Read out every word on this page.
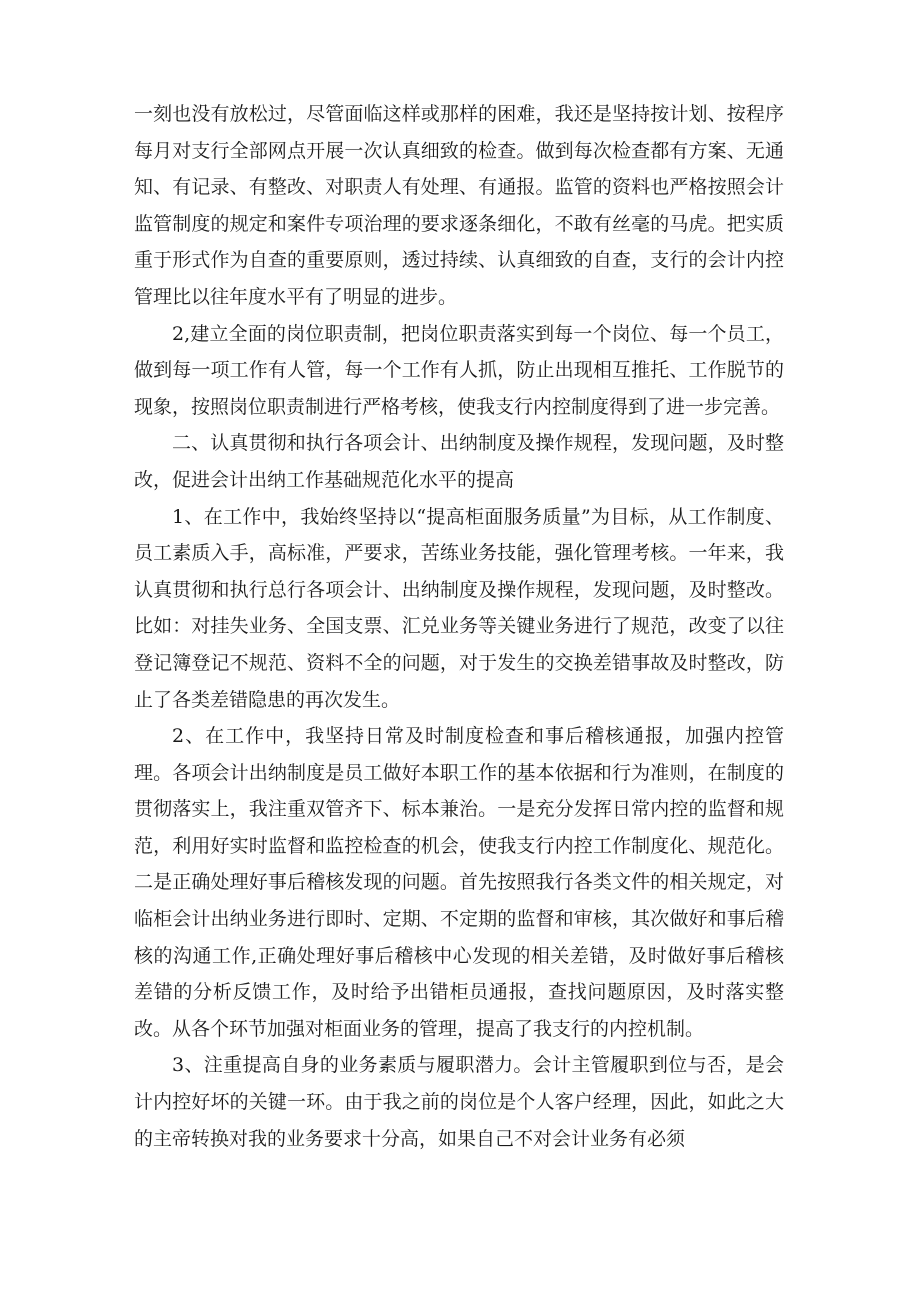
一刻也没有放松过，尽管面临这样或那样的困难，我还是坚持按计划、按程序每月对支行全部网点开展一次认真细致的检查。做到每次检查都有方案、无通知、有记录、有整改、对职责人有处理、有通报。监管的资料也严格按照会计监管制度的规定和案件专项治理的要求逐条细化，不敢有丝毫的马虎。把实质重于形式作为自查的重要原则，透过持续、认真细致的自查，支行的会计内控管理比以往年度水平有了明显的进步。

2,建立全面的岗位职责制，把岗位职责落实到每一个岗位、每一个员工，做到每一项工作有人管，每一个工作有人抓，防止出现相互推托、工作脱节的现象，按照岗位职责制进行严格考核，使我支行内控制度得到了进一步完善。

二、认真贯彻和执行各项会计、出纳制度及操作规程，发现问题，及时整改，促进会计出纳工作基础规范化水平的提高

1、在工作中，我始终坚持以“提高柜面服务质量”为目标，从工作制度、员工素质入手，高标准，严要求，苦练业务技能，强化管理考核。一年来，我认真贯彻和执行总行各项会计、出纳制度及操作规程，发现问题，及时整改。比如：对挂失业务、全国支票、汇兑业务等关键业务进行了规范，改变了以往登记簿登记不规范、资料不全的问题，对于发生的交换差错事故及时整改，防止了各类差错隐患的再次发生。

2、在工作中，我坚持日常及时制度检查和事后稽核通报，加强内控管理。各项会计出纳制度是员工做好本职工作的基本依据和行为准则，在制度的贯彻落实上，我注重双管齐下、标本兼治。一是充分发挥日常内控的监督和规范，利用好实时监督和监控检查的机会，使我支行内控工作制度化、规范化。二是正确处理好事后稽核发现的问题。首先按照我行各类文件的相关规定，对临柜会计出纳业务进行即时、定期、不定期的监督和审核，其次做好和事后稽核的沟通工作,正确处理好事后稽核中心发现的相关差错，及时做好事后稽核差错的分析反馈工作，及时给予出错柜员通报，查找问题原因，及时落实整改。从各个环节加强对柜面业务的管理，提高了我支行的内控机制。

3、注重提高自身的业务素质与履职潜力。会计主管履职到位与否，是会计内控好坏的关键一环。由于我之前的岗位是个人客户经理，因此，如此之大的主帝转换对我的业务要求十分高，如果自己不对会计业务有必须
